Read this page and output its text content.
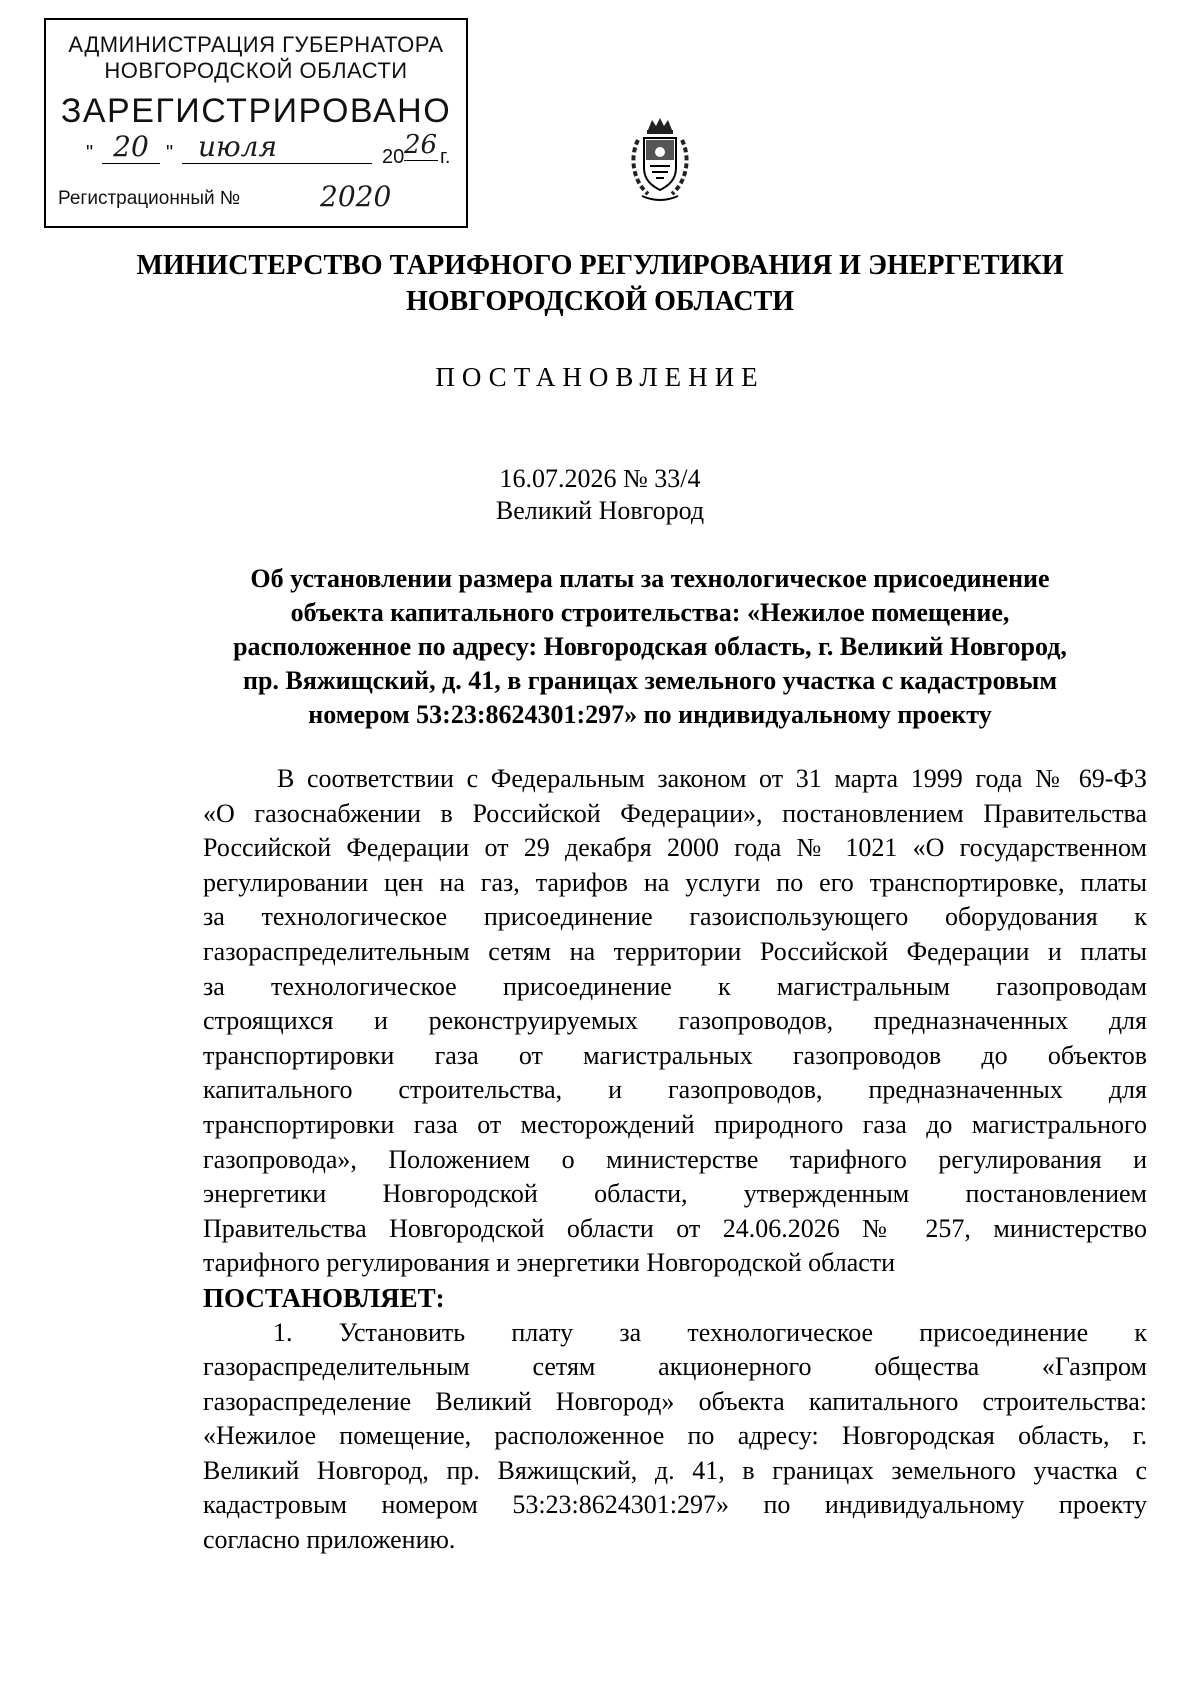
АДМИНИСТРАЦИЯ ГУБЕРНАТОРА
НОВГОРОДСКОЙ ОБЛАСТИ
ЗАРЕГИСТРИРОВАНО
" 20 " июля	20 26 г.
Регистрационный №	2020
МИНИСТЕРСТВО ТАРИФНОГО РЕГУЛИРОВАНИЯ И ЭНЕРГЕТИКИ
НОВГОРОДСКОЙ ОБЛАСТИ
ПОСТАНОВЛЕНИЕ
16.07.2026 № 33/4
Великий Новгород
Об установлении размера платы за технологическое присоединение
объекта капитального строительства: «Нежилое помещение,
расположенное по адресу: Новгородская область, г. Великий Новгород,
пр. Вяжищский, д. 41, в границах земельного участка с кадастровым
номером 53:23:8624301:297» по индивидуальному проекту
В соответствии с Федеральным законом от 31 марта 1999 года № 69-ФЗ
«О газоснабжении в Российской Федерации», постановлением Правительства
Российской Федерации от 29 декабря 2000 года № 1021 «О государственном
регулировании цен на газ, тарифов на услуги по его транспортировке, платы
за технологическое присоединение газоиспользующего оборудования к
газораспределительным сетям на территории Российской Федерации и платы
за технологическое присоединение к магистральным газопроводам
строящихся и реконструируемых газопроводов, предназначенных для
транспортировки газа от магистральных газопроводов до объектов
капитального строительства, и газопроводов, предназначенных для
транспортировки газа от месторождений природного газа до магистрального
газопровода», Положением о министерстве тарифного регулирования и
энергетики Новгородской области, утвержденным постановлением
Правительства Новгородской области от 24.06.2026 № 257, министерство
тарифного регулирования и энергетики Новгородской области
ПОСТАНОВЛЯЕТ:
1. Установить плату за технологическое присоединение к
газораспределительным сетям акционерного общества «Газпром
газораспределение Великий Новгород» объекта капитального строительства:
«Нежилое помещение, расположенное по адресу: Новгородская область, г.
Великий Новгород, пр. Вяжищский, д. 41, в границах земельного участка с
кадастровым номером 53:23:8624301:297» по индивидуальному проекту
согласно приложению.
